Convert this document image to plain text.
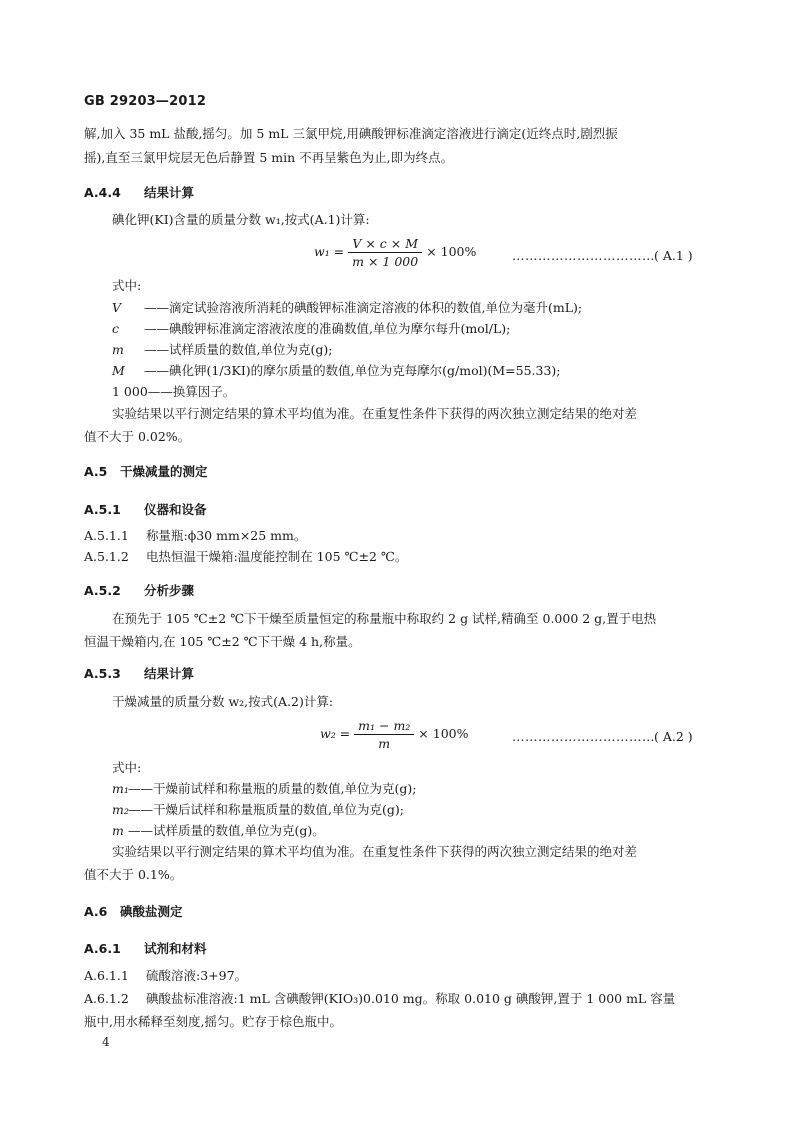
GB 29203—2012
解,加入 35 mL 盐酸,摇匀。加 5 mL 三氯甲烷,用碘酸钾标准滴定溶液进行滴定(近终点时,剧烈振
摇),直至三氯甲烷层无色后静置 5 min 不再呈紫色为止,即为终点。
A.4.4 结果计算
碘化钾(KI)含量的质量分数 w₁,按式(A.1)计算:
$w_1 = \frac{V \times c \times M}{m \times 1 000} \times 100\%$	…………………………… ( A.1 )
式中:
V ——滴定试验溶液所消耗的碘酸钾标准滴定溶液的体积的数值,单位为毫升(mL);
c ——碘酸钾标准滴定溶液浓度的准确数值,单位为摩尔每升(mol/L);
m ——试样质量的数值,单位为克(g);
M ——碘化钾(1/3KI)的摩尔质量的数值,单位为克每摩尔(g/mol)(M=55.33);
1 000——换算因子。
实验结果以平行测定结果的算术平均值为准。在重复性条件下获得的两次独立测定结果的绝对差
值不大于 0.02%。
A.5 干燥减量的测定
A.5.1 仪器和设备
A.5.1.1 称量瓶:ϕ30 mm×25 mm。
A.5.1.2 电热恒温干燥箱:温度能控制在 105 ℃±2 ℃。
A.5.2 分析步骤
在预先于 105 ℃±2 ℃下干燥至质量恒定的称量瓶中称取约 2 g 试样,精确至 0.000 2 g,置于电热
恒温干燥箱内,在 105 ℃±2 ℃下干燥 4 h,称量。
A.5.3 结果计算
干燥减量的质量分数 w₂,按式(A.2)计算:
$w_2 = \frac{\text{m₁ − m₂}}{m} \times 100\%$	…………………………… ( A.2 )
式中:
m₁——干燥前试样和称量瓶的质量的数值,单位为克(g);
m₂——干燥后试样和称量瓶质量的数值,单位为克(g);
m ——试样质量的数值,单位为克(g)。
实验结果以平行测定结果的算术平均值为准。在重复性条件下获得的两次独立测定结果的绝对差
值不大于 0.1%。
A.6 碘酸盐测定
A.6.1 试剂和材料
A.6.1.1 硫酸溶液:3+97。
A.6.1.2 碘酸盐标准溶液:1 mL 含碘酸钾(KIO₃)0.010 mg。称取 0.010 g 碘酸钾,置于 1 000 mL 容量
瓶中,用水稀释至刻度,摇匀。贮存于棕色瓶中。
4
